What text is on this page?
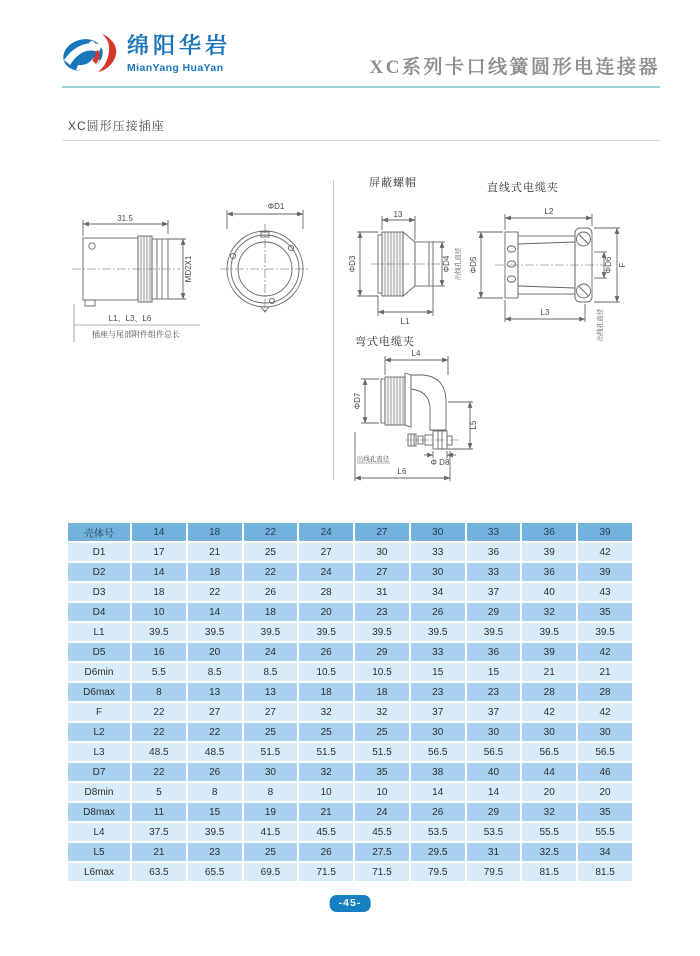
绵阳华岩
MianYang HuaYan	XC系列卡口线簧圆形电连接器
XC圆形压接插座
31.5
MD2X1
L1、L3、L6
插座与尾部附件组件总长
ΦD1
屏蔽螺帽
13
ΦD3	ΦD4 出线孔直径
L1
直线式电缆夹
L2
ΦD5	ΦD6 F
出线孔直径
L3
弯式电缆夹
L4
ΦD7
L5
Φ D8
出线孔直径
L6
壳体号	14	18	22	24	27	30	33	36	39
D1	17	21	25	27	30	33	36	39	42
D2	14	18	22	24	27	30	33	36	39
D3	18	22	26	28	31	34	37	40	43
D4	10	14	18	20	23	26	29	32	35
L1	39.5	39.5	39.5	39.5	39.5	39.5	39.5	39.5	39.5
D5	16	20	24	26	29	33	36	39	42
D6min	5.5	8.5	8.5	10.5	10.5	15	15	21	21
D6max	8	13	13	18	18	23	23	28	28
F	22	27	27	32	32	37	37	42	42
L2	22	22	25	25	25	30	30	30	30
L3	48.5	48.5	51.5	51.5	51.5	56.5	56.5	56.5	56.5
D7	22	26	30	32	35	38	40	44	46
D8min	5	8	8	10	10	14	14	20	20
D8max	11	15	19	21	24	26	29	32	35
L4	37.5	39.5	41.5	45.5	45.5	53.5	53.5	55.5	55.5
L5	21	23	25	26	27.5	29.5	31	32.5	34
L6max	63.5	65.5	69.5	71.5	71.5	79.5	79.5	81.5	81.5
-45-
